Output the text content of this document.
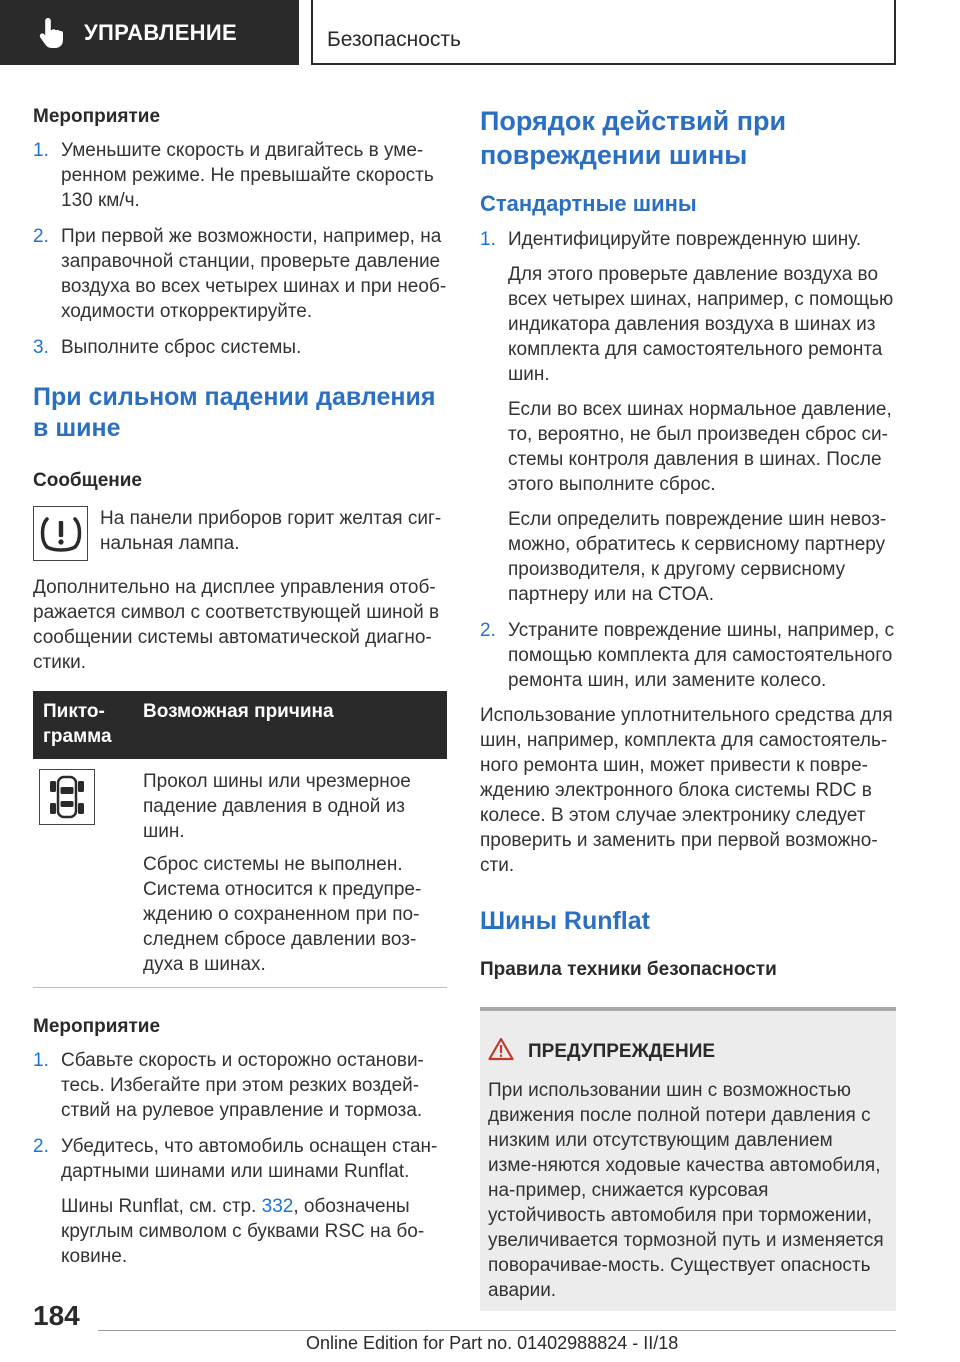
УПРАВЛЕНИЕ	Безопасность
Мероприятие
1. Уменьшите скорость и двигайтесь в уме-ренном режиме. Не превышайте скорость 130 км/ч.
2. При первой же возможности, например, на заправочной станции, проверьте давление воздуха во всех четырех шинах и при необ-ходимости откорректируйте.
3. Выполните сброс системы.
При сильном падении давления в шине
Сообщение
На панели приборов горит желтая сиг-нальная лампа.
Дополнительно на дисплее управления отоб-ражается символ с соответствующей шиной в сообщении системы автоматической диагно-стики.
Пикто-грамма	Возможная причина

Прокол шины или чрезмерное падение давления в одной из шин.
Сброс системы не выполнен. Система относится к предупре-ждению о сохраненном при по-следнем сбросе давлении воз-духа в шинах.
Мероприятие
1. Сбавьте скорость и осторожно останови-тесь. Избегайте при этом резких воздей-ствий на рулевое управление и тормоза.
2. Убедитесь, что автомобиль оснащен стан-дартными шинами или шинами Runflat.
Шины Runflat, см. стр. 332, обозначены круглым символом с буквами RSC на бо-ковине.
Порядок действий при повреждении шины
Стандартные шины
1. Идентифицируйте поврежденную шину.
Для этого проверьте давление воздуха во всех четырех шинах, например, с помощью индикатора давления воздуха в шинах из комплекта для самостоятельного ремонта шин.
Если во всех шинах нормальное давление, то, вероятно, не был произведен сброс си-стемы контроля давления в шинах. После этого выполните сброс.
Если определить повреждение шин невоз-можно, обратитесь к сервисному партнеру производителя, к другому сервисному партнеру или на СТОА.
2. Устраните повреждение шины, например, с помощью комплекта для самостоятельного ремонта шин, или замените колесо.
Использование уплотнительного средства для шин, например, комплекта для самостоятель-ного ремонта шин, может привести к повре-ждению электронного блока системы RDC в колесе. В этом случае электронику следует проверить и заменить при первой возможно-сти.
Шины Runflat
Правила техники безопасности
ПРЕДУПРЕЖДЕНИЕ
При использовании шин с возможностью движения после полной потери давления с низким или отсутствующим давлением изме-няются ходовые качества автомобиля, на-пример, снижается курсовая устойчивость автомобиля при торможении, увеличивается тормозной путь и изменяется поворачивае-мость. Существует опасность аварии.
184
Online Edition for Part no. 01402988824 - II/18
